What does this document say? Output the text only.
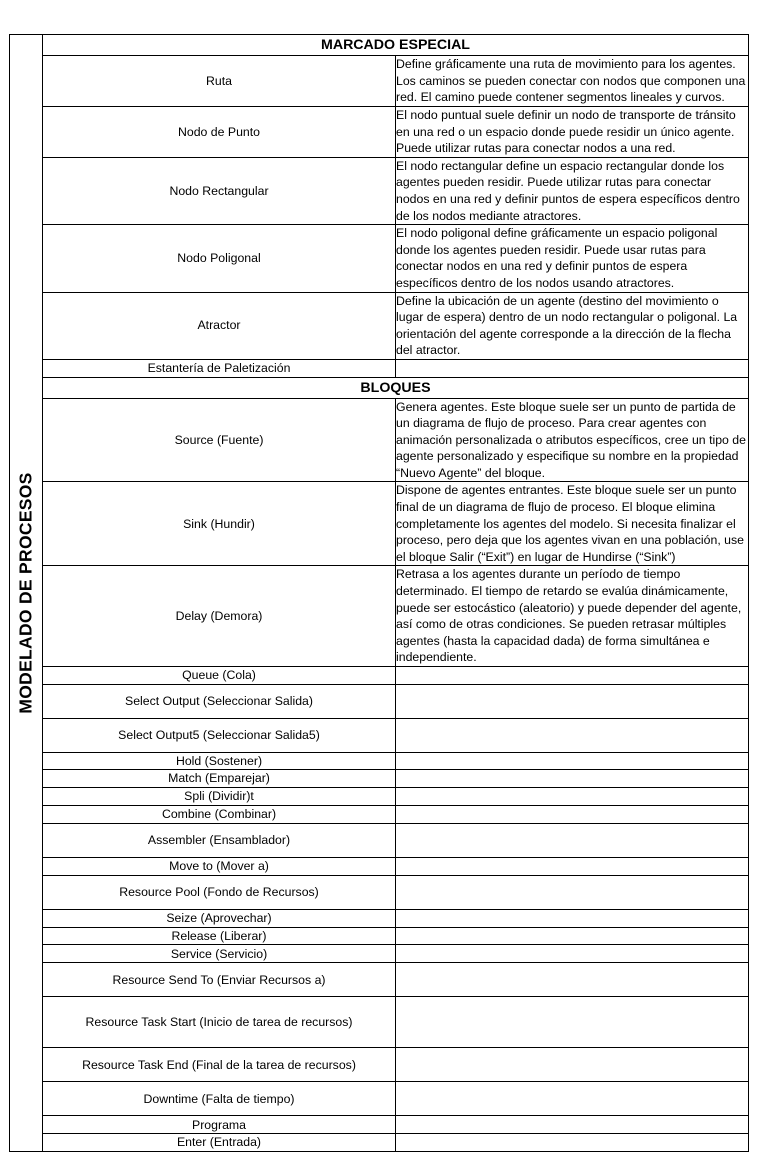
MODELADO DE PROCESOS	MARCADO ESPECIAL	
	Ruta	Define gráficamente una ruta de movimiento para los agentes. Los caminos se pueden conectar con nodos que componen una red. El camino puede contener segmentos lineales y curvos.
	Nodo de Punto	El nodo puntual suele definir un nodo de transporte de tránsito en una red o un espacio donde puede residir un único agente. Puede utilizar rutas para conectar nodos a una red.
	Nodo Rectangular	El nodo rectangular define un espacio rectangular donde los agentes pueden residir. Puede utilizar rutas para conectar nodos en una red y definir puntos de espera específicos dentro de los nodos mediante atractores.
	Nodo Poligonal	El nodo poligonal define gráficamente un espacio poligonal donde los agentes pueden residir. Puede usar rutas para conectar nodos en una red y definir puntos de espera específicos dentro de los nodos usando atractores.
	Atractor	Define la ubicación de un agente (destino del movimiento o lugar de espera) dentro de un nodo rectangular o poligonal. La orientación del agente corresponde a la dirección de la flecha del atractor.
	Estantería de Paletización	
	BLOQUES	
	Source (Fuente)	Genera agentes. Este bloque suele ser un punto de partida de un diagrama de flujo de proceso. Para crear agentes con animación personalizada o atributos específicos, cree un tipo de agente personalizado y especifique su nombre en la propiedad “Nuevo Agente” del bloque.
	Sink (Hundir)	Dispone de agentes entrantes. Este bloque suele ser un punto final de un diagrama de flujo de proceso. El bloque elimina completamente los agentes del modelo. Si necesita finalizar el proceso, pero deja que los agentes vivan en una población, use el bloque Salir (“Exit”) en lugar de Hundirse (“Sink”)
	Delay (Demora)	Retrasa a los agentes durante un período de tiempo determinado. El tiempo de retardo se evalúa dinámicamente, puede ser estocástico (aleatorio) y puede depender del agente, así como de otras condiciones. Se pueden retrasar múltiples agentes (hasta la capacidad dada) de forma simultánea e independiente.
	Queue (Cola)	
	Select Output (Seleccionar Salida)	
	Select Output5 (Seleccionar Salida5)	
	Hold (Sostener)	
	Match (Emparejar)	
	Spli (Dividir)t	
	Combine (Combinar)	
	Assembler (Ensamblador)	
	Move to (Mover a)	
	Resource Pool (Fondo de Recursos)	
	Seize (Aprovechar)	
	Release (Liberar)	
	Service (Servicio)	
	Resource Send To (Enviar Recursos a)	
	Resource Task Start (Inicio de tarea de recursos)	
	Resource Task End (Final de la tarea de recursos)	
	Downtime (Falta de tiempo)	
	Programa	
	Enter (Entrada)	
